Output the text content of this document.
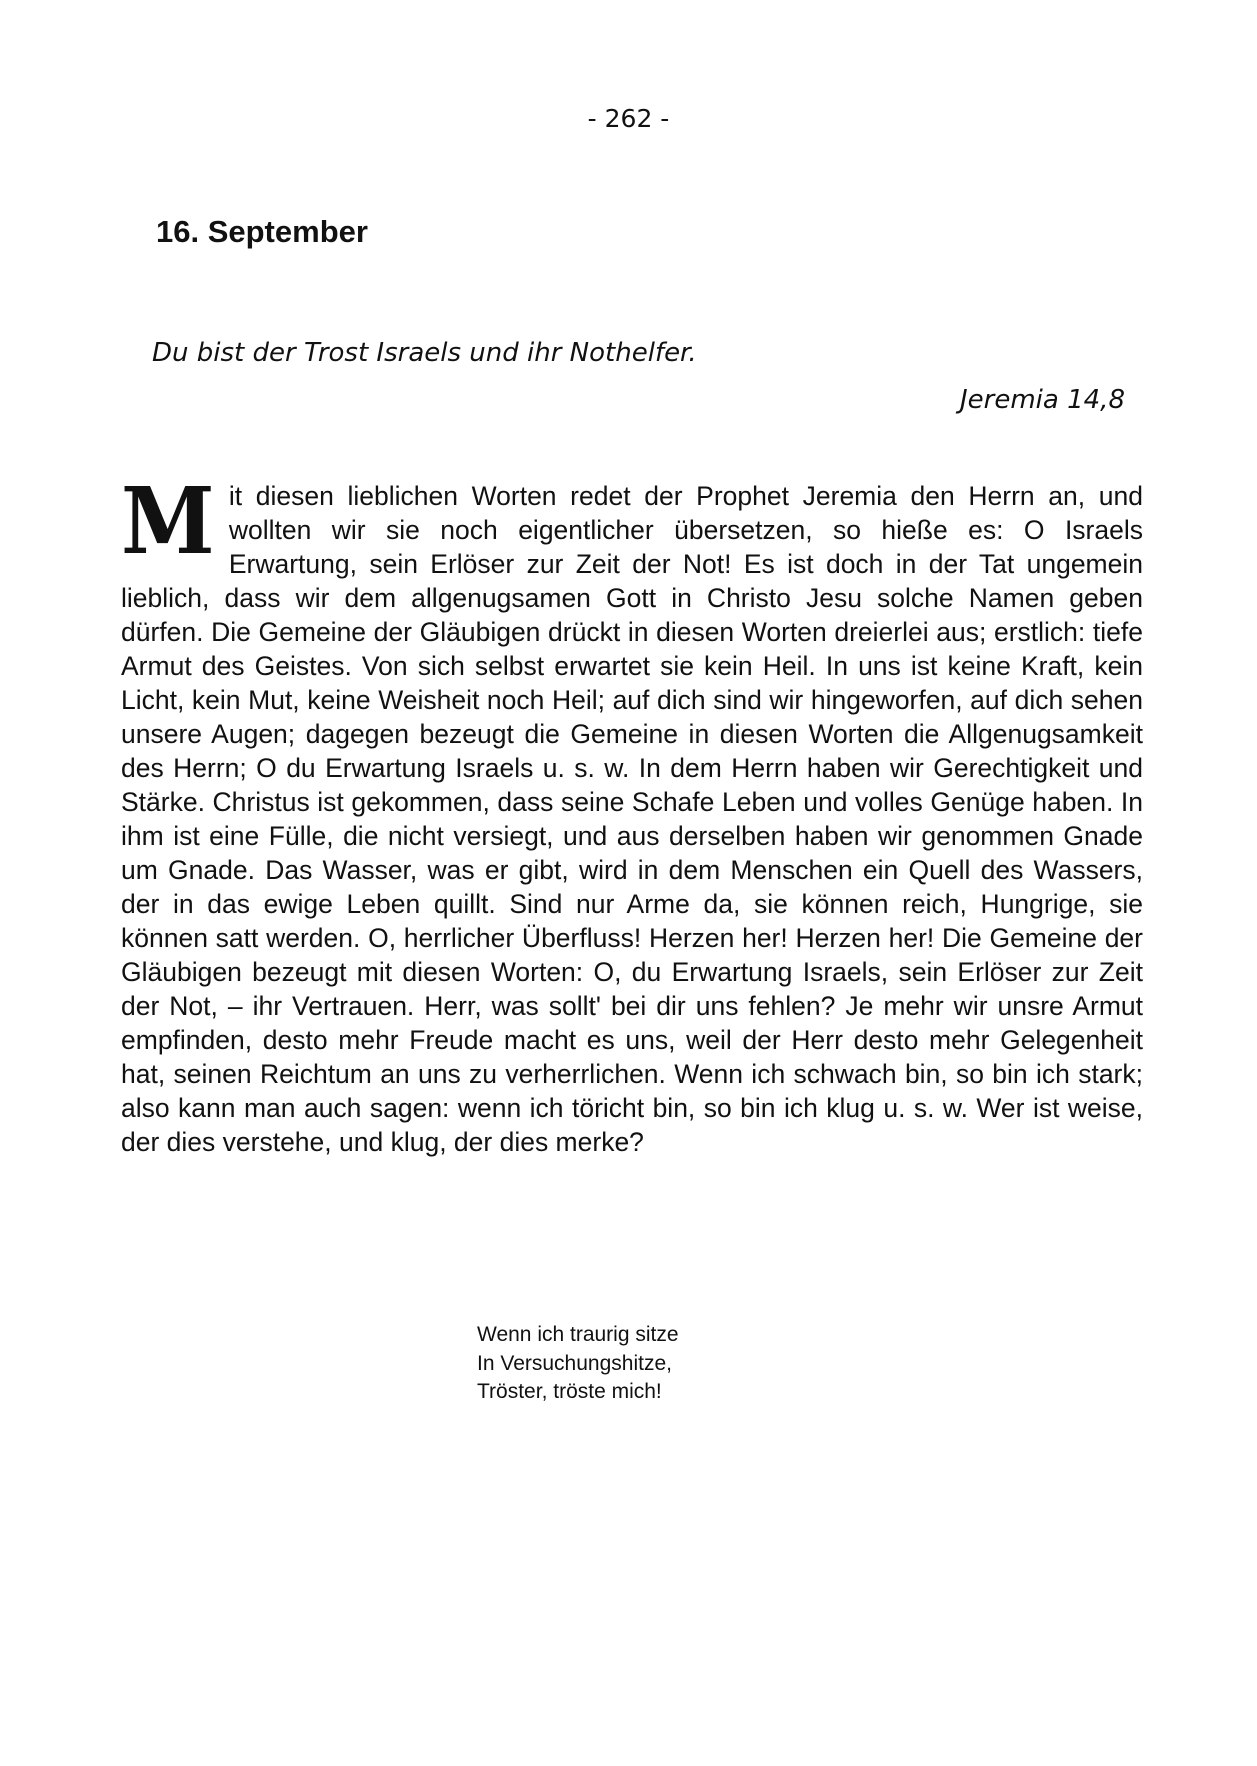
- 262 -
16. September
Du bist der Trost Israels und ihr Nothelfer.
Jeremia 14,8

Mit diesen lieblichen Worten redet der Prophet Jeremia den Herrn an, und wollten wir sie noch eigentlicher übersetzen, so hieße es: O Israels Erwartung, sein Erlöser zur Zeit der Not! Es ist doch in der Tat ungemein lieblich, dass wir dem allgenugsamen Gott in Christo Jesu solche Namen geben dürfen. Die Gemeine der Gläubigen drückt in diesen Worten dreierlei aus; erstlich: tiefe Armut des Geistes. Von sich selbst erwartet sie kein Heil. In uns ist keine Kraft, kein Licht, kein Mut, keine Weisheit noch Heil; auf dich sind wir hingeworfen, auf dich sehen unsere Augen; dagegen bezeugt die Gemeine in diesen Worten die Allgenugsamkeit des Herrn; O du Erwartung Israels u. s. w. In dem Herrn haben wir Gerechtigkeit und Stärke. Christus ist gekommen, dass seine Schafe Leben und volles Genüge haben. In ihm ist eine Fülle, die nicht versiegt, und aus derselben haben wir genommen Gnade um Gnade. Das Wasser, was er gibt, wird in dem Menschen ein Quell des Wassers, der in das ewige Leben quillt. Sind nur Arme da, sie können reich, Hungrige, sie können satt werden. O, herrlicher Überfluss! Herzen her! Herzen her! Die Gemeine der Gläubigen bezeugt mit diesen Worten: O, du Erwartung Israels, sein Erlöser zur Zeit der Not, – ihr Vertrauen. Herr, was sollt' bei dir uns fehlen? Je mehr wir unsre Armut empfinden, desto mehr Freude macht es uns, weil der Herr desto mehr Gelegenheit hat, seinen Reichtum an uns zu verherrlichen. Wenn ich schwach bin, so bin ich stark; also kann man auch sagen: wenn ich töricht bin, so bin ich klug u. s. w. Wer ist weise, der dies verstehe, und klug, der dies merke?

Wenn ich traurig sitze
In Versuchungshitze,
Tröster, tröste mich!
